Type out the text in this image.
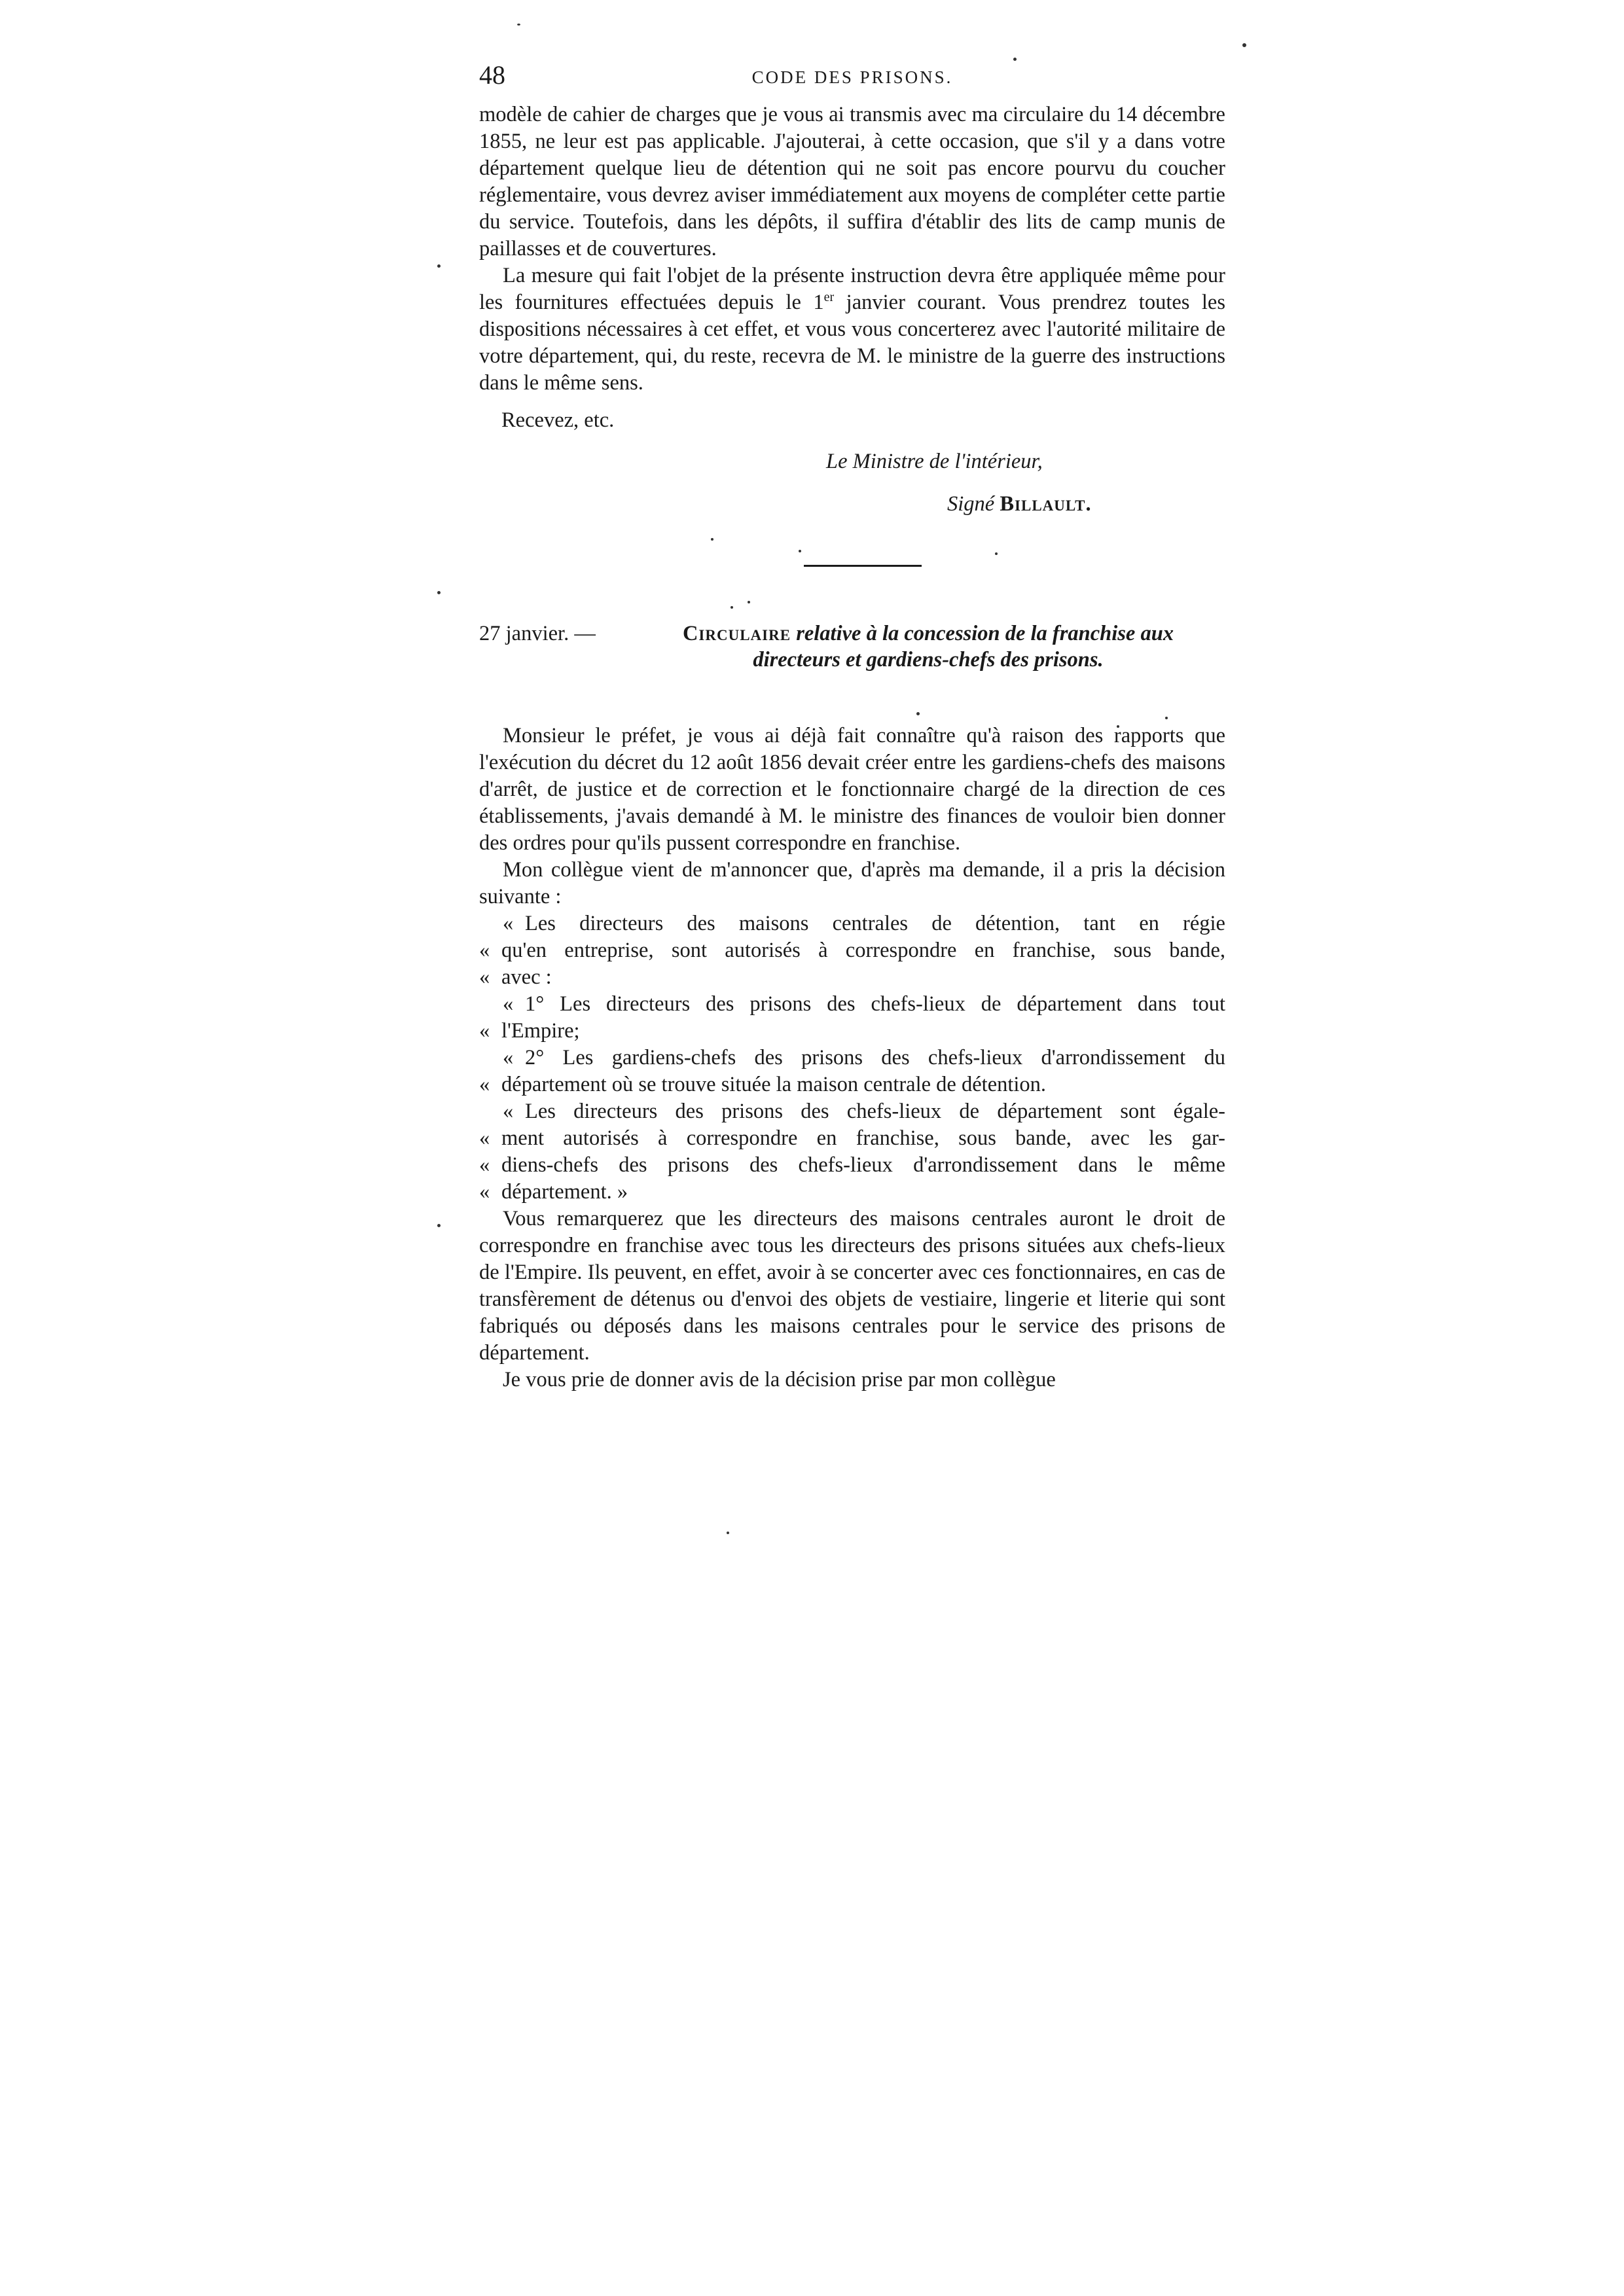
48	CODE DES PRISONS.

modèle de cahier de charges que je vous ai transmis avec ma circulaire du 14 décembre 1855, ne leur est pas applicable. J'ajouterai, à cette occasion, que s'il y a dans votre département quelque lieu de détention qui ne soit pas encore pourvu du coucher réglementaire, vous devrez aviser immédiatement aux moyens de compléter cette partie du service. Toutefois, dans les dépôts, il suffira d'établir des lits de camp munis de paillasses et de couvertures.

La mesure qui fait l'objet de la présente instruction devra être appliquée même pour les fournitures effectuées depuis le 1er janvier courant. Vous prendrez toutes les dispositions nécessaires à cet effet, et vous vous concerterez avec l'autorité militaire de votre département, qui, du reste, recevra de M. le ministre de la guerre des instructions dans le même sens.

Recevez, etc.
Le Ministre de l'intérieur,
Signé Billault.
27 janvier. —	Circulaire relative à la concession de la franchise aux
directeurs et gardiens-chefs des prisons.

Monsieur le préfet, je vous ai déjà fait connaître qu'à raison des rapports que l'exécution du décret du 12 août 1856 devait créer entre les gardiens-chefs des maisons d'arrêt, de justice et de correction et le fonctionnaire chargé de la direction de ces établissements, j'avais demandé à M. le ministre des finances de vouloir bien donner des ordres pour qu'ils pussent correspondre en franchise.

Mon collègue vient de m'annoncer que, d'après ma demande, il a pris la décision suivante :

« Les directeurs des maisons centrales de détention, tant en régie
« qu'en entreprise, sont autorisés à correspondre en franchise, sous bande,
« avec :
« 1° Les directeurs des prisons des chefs-lieux de département dans tout
« l'Empire;
« 2° Les gardiens-chefs des prisons des chefs-lieux d'arrondissement du
« département où se trouve située la maison centrale de détention.
« Les directeurs des prisons des chefs-lieux de département sont égale-
« ment autorisés à correspondre en franchise, sous bande, avec les gar-
« diens-chefs des prisons des chefs-lieux d'arrondissement dans le même
« département. »

Vous remarquerez que les directeurs des maisons centrales auront le droit de correspondre en franchise avec tous les directeurs des prisons situées aux chefs-lieux de l'Empire. Ils peuvent, en effet, avoir à se concerter avec ces fonctionnaires, en cas de transfèrement de détenus ou d'envoi des objets de vestiaire, lingerie et literie qui sont fabriqués ou déposés dans les maisons centrales pour le service des prisons de département.

Je vous prie de donner avis de la décision prise par mon collègue
